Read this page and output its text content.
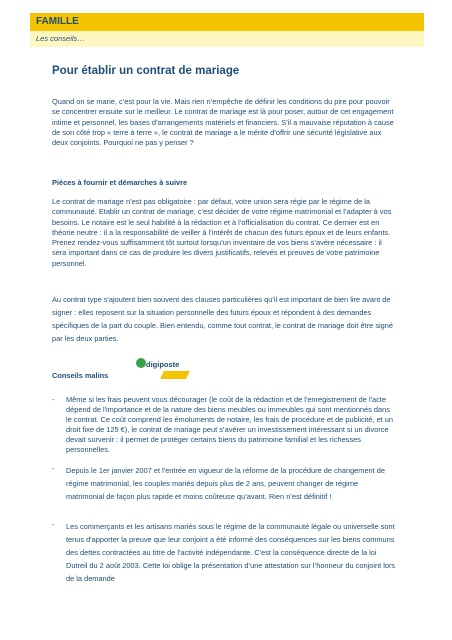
FAMILLE
Les conseils…
Pour établir un contrat de mariage

Quand on se marie, c’est pour la vie. Mais rien n’empêche de définir les conditions du pire pour pouvoir se concentrer ensuite sur le meilleur. Le contrat de mariage est là pour poser, autour de cet engagement intime et personnel, les bases d’arrangements matériels et financiers. S’il a mauvaise réputation à cause de son côté trop « terre à terre », le contrat de mariage a le mérite d’offrir une sécurité législative aux deux conjoints. Pourquoi ne pas y penser ?

Pièces à fournir et démarches à suivre

Le contrat de mariage n’est pas obligatoire : par défaut, votre union sera régie par le régime de la communauté. Etablir un contrat de mariage, c’est décider de votre régime matrimonial et l’adapter à vos besoins. Le notaire est le seul habilité à la rédaction et à l’officialisation du contrat. Ce dernier est en théorie neutre : il a la responsabilité de veiller à l’intérêt de chacun des futurs époux et de leurs enfants. Prenez rendez-vous suffisamment tôt surtout lorsqu’un inventaire de vos biens s’avère nécessaire : il sera important dans ce cas de produire les divers justificatifs, relevés et preuves de votre patrimoine personnel.

Au contrat type s'ajoutent bien souvent des clauses particulières qu'il est important de bien lire avant de signer : elles reposent sur la situation personnelle des futurs époux et répondent à des demandes spécifiques de la part du couple. Bien entendu, comme tout contrat, le contrat de mariage doit être signé par les deux parties.

Conseils malins

digiposte
- Même si les frais peuvent vous décourager (le coût de la rédaction et de l'enregistrement de l'acte dépend de l'importance et de la nature des biens meubles ou immeubles qui sont mentionnés dans le contrat. Ce coût comprend les émoluments de notaire, les frais de procédure et de publicité, et un droit fixe de 125 €), le contrat de mariage peut s’avérer un investissement intéressant si un divorce devait survenir : il permet de protéger certains biens du patrimoine familial et les richesses personnelles.

- Depuis le 1er janvier 2007 et l'entrée en vigueur de la réforme de la procédure de changement de régime matrimonial, les couples mariés depuis plus de 2 ans, peuvent changer de régime matrimonial de façon plus rapide et moins coûteuse qu’avant. Rien n’est définitif !

- Les commerçants et les artisans mariés sous le régime de la communauté légale ou universelle sont tenus d'apporter la preuve que leur conjoint a été informé des conséquences sur les biens communs des dettes contractées au titre de l'activité indépendante. C'est la conséquence directe de la loi Dutreil du 2 août 2003. Cette loi oblige la présentation d’une attestation sur l’honneur du conjoint lors de la demande
